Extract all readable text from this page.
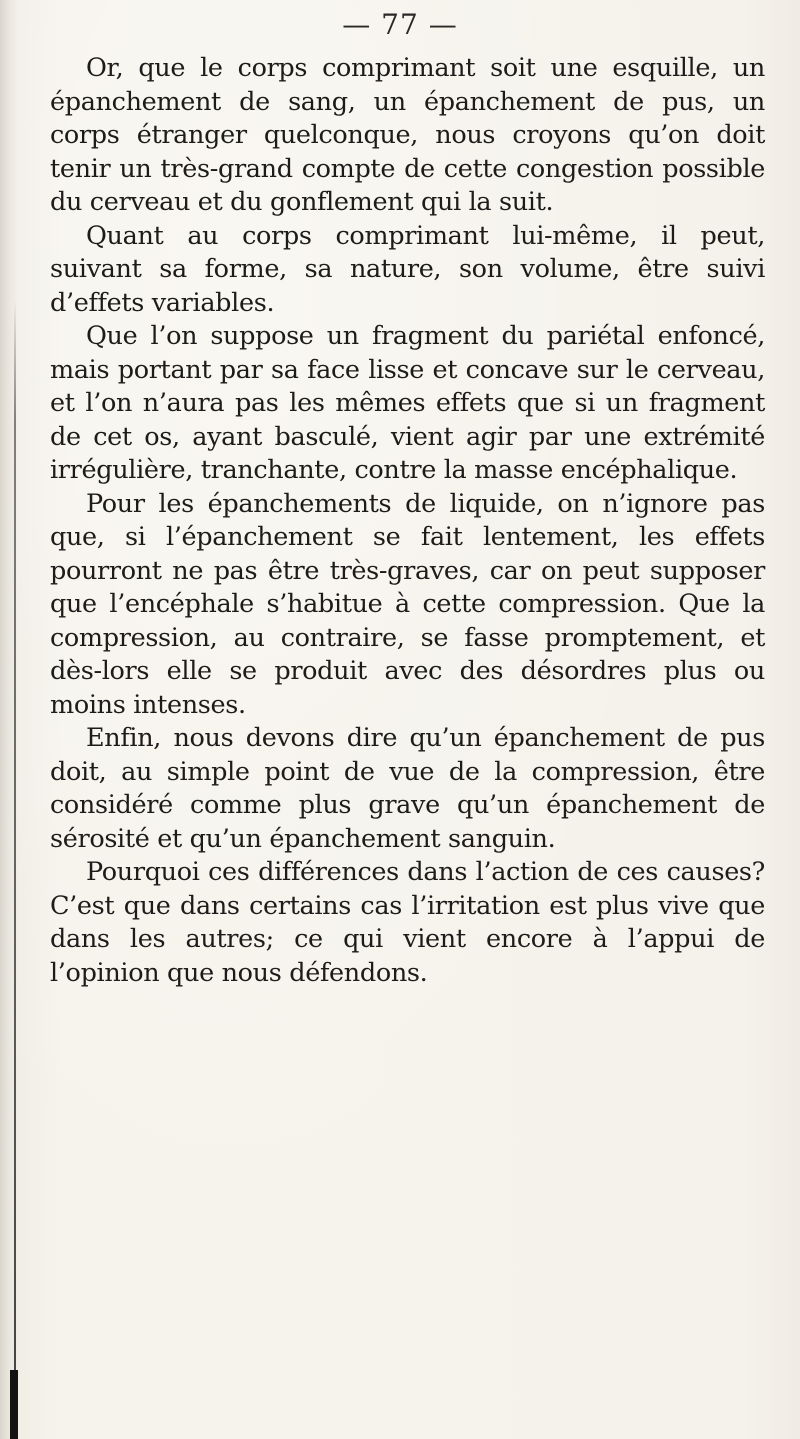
— 77 —

Or, que le corps comprimant soit une esquille, un épanchement de sang, un épanchement de pus, un corps étranger quelconque, nous croyons qu’on doit tenir un très-grand compte de cette congestion possible du cerveau et du gonflement qui la suit.

Quant au corps comprimant lui-même, il peut, suivant sa forme, sa nature, son volume, être suivi d’effets variables.

Que l’on suppose un fragment du pariétal enfoncé, mais portant par sa face lisse et concave sur le cerveau, et l’on n’aura pas les mêmes effets que si un fragment de cet os, ayant basculé, vient agir par une extrémité irrégulière, tranchante, contre la masse encéphalique.

Pour les épanchements de liquide, on n’ignore pas que, si l’épanchement se fait lentement, les effets pourront ne pas être très-graves, car on peut supposer que l’encéphale s’habitue à cette compression. Que la compression, au contraire, se fasse promptement, et dès-lors elle se produit avec des désordres plus ou moins intenses.

Enfin, nous devons dire qu’un épanchement de pus doit, au simple point de vue de la compression, être considéré comme plus grave qu’un épanchement de sérosité et qu’un épanchement sanguin.

Pourquoi ces différences dans l’action de ces causes? C’est que dans certains cas l’irritation est plus vive que dans les autres; ce qui vient encore à l’appui de l’opinion que nous défendons.
